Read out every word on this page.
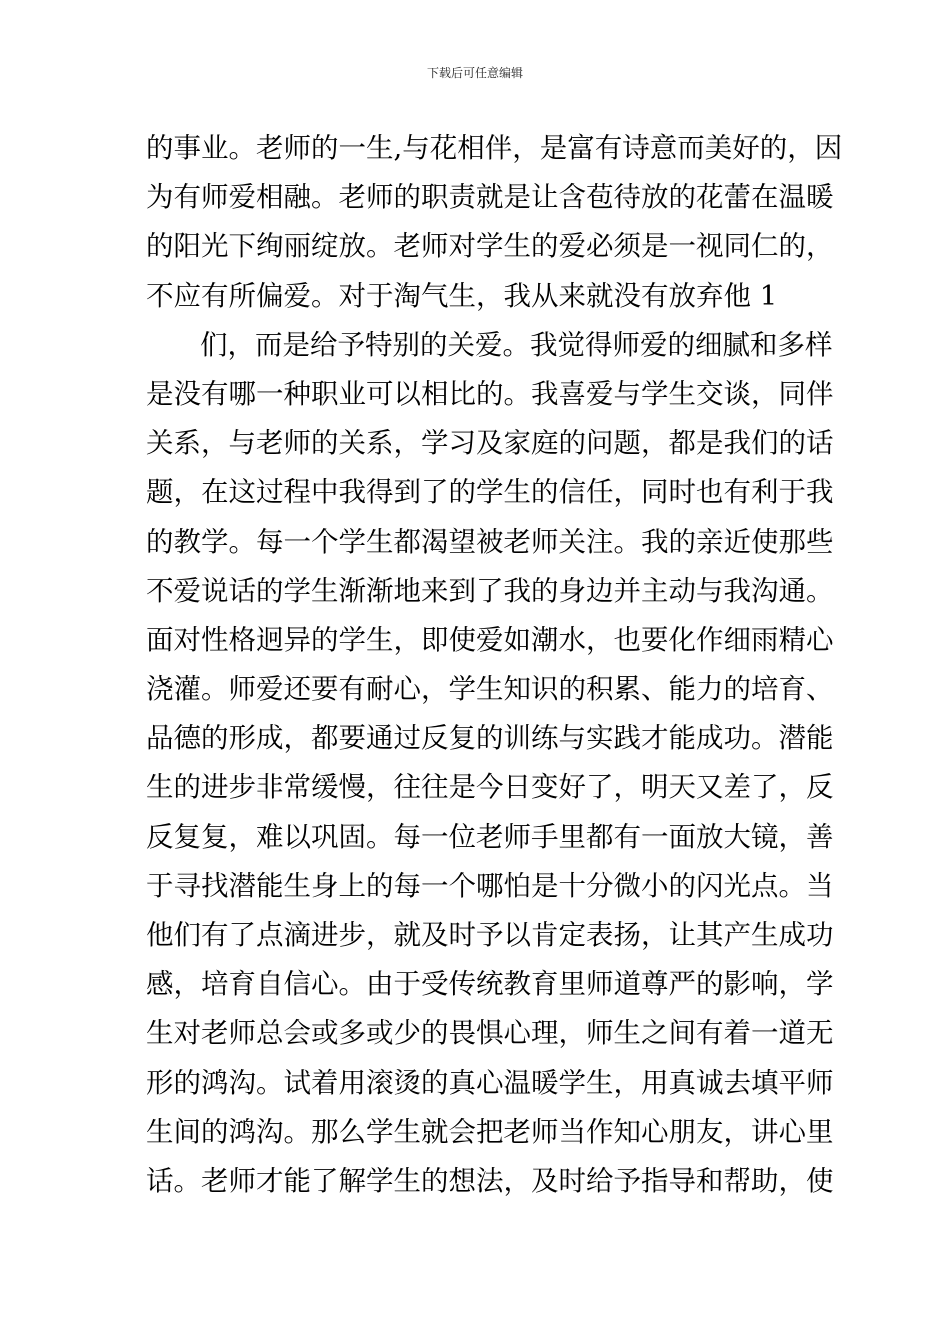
下载后可任意编辑
的事业。老师的一生,与花相伴，是富有诗意而美好的，因
为有师爱相融。老师的职责就是让含苞待放的花蕾在温暖
的阳光下绚丽绽放。老师对学生的爱必须是一视同仁的，
不应有所偏爱。对于淘气生，我从来就没有放弃他 1
们，而是给予特别的关爱。我觉得师爱的细腻和多样
是没有哪一种职业可以相比的。我喜爱与学生交谈，同伴
关系，与老师的关系，学习及家庭的问题，都是我们的话
题，在这过程中我得到了的学生的信任，同时也有利于我
的教学。每一个学生都渴望被老师关注。我的亲近使那些
不爱说话的学生渐渐地来到了我的身边并主动与我沟通。
面对性格迥异的学生，即使爱如潮水，也要化作细雨精心
浇灌。师爱还要有耐心，学生知识的积累、能力的培育、
品德的形成，都要通过反复的训练与实践才能成功。潜能
生的进步非常缓慢，往往是今日变好了，明天又差了，反
反复复，难以巩固。每一位老师手里都有一面放大镜，善
于寻找潜能生身上的每一个哪怕是十分微小的闪光点。当
他们有了点滴进步，就及时予以肯定表扬，让其产生成功
感，培育自信心。由于受传统教育里师道尊严的影响，学
生对老师总会或多或少的畏惧心理，师生之间有着一道无
形的鸿沟。试着用滚烫的真心温暖学生，用真诚去填平师
生间的鸿沟。那么学生就会把老师当作知心朋友，讲心里
话。老师才能了解学生的想法，及时给予指导和帮助，使
